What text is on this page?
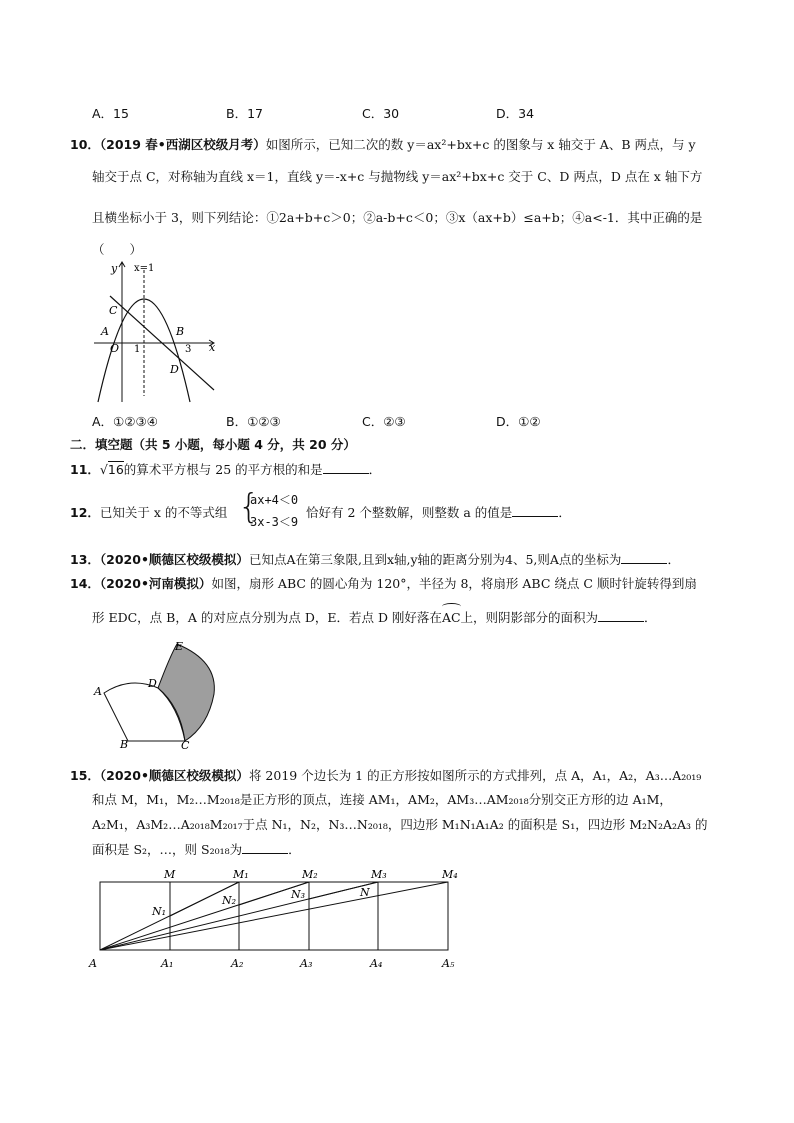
A．15	B．17	C．30	D．34
10．（2019 春•西湖区校级月考）如图所示，已知二次的数 y＝ax²+bx+c 的图象与 x 轴交于 A、B 两点，与 y
轴交于点 C，对称轴为直线 x＝1，直线 y＝-x+c 与抛物线 y＝ax²+bx+c 交于 C、D 两点，D 点在 x 轴下方
且横坐标小于 3，则下列结论：①2a+b+c＞0；②a-b+c＜0；③x（ax+b）≤a+b；④a<-1．其中正确的是
（　　）
y x=1
x
C
A
O 1
B
3
D
A．①②③④	B．①②③	C．②③	D．①②
二．填空题（共 5 小题，每小题 4 分，共 20 分）
11．√16的算术平方根与 25 的平方根的和是	．
12．已知关于 x 的不等式组 {
ax+4＜0
3x-3＜9
恰好有 2 个整数解，则整数 a 的值是	．
13．（2020•顺德区校级模拟）已知点A在第三象限,且到x轴,y轴的距离分别为4、5,则A点的坐标为	．
14．（2020•河南模拟）如图，扇形 ABC 的圆心角为 120°，半径为 8，将扇形 ABC 绕点 C 顺时针旋转得到扇
形 EDC，点 B，A 的对应点分别为点 D，E．若点 D 刚好落在
AC上，则阴影部分的面积为	．
E
A
D
B	C
15．（2020•顺德区校级模拟）将 2019 个边长为 1 的正方形按如图所示的方式排列，点 A，A₁，A₂，A₃…A₂₀₁₉
和点 M，M₁，M₂…M₂₀₁₈是正方形的顶点，连接 AM₁，AM₂，AM₃…AM₂₀₁₈分别交正方形的边 A₁M，
A₂M₁，A₃M₂…A₂₀₁₈M₂₀₁₇于点 N₁，N₂，N₃…N₂₀₁₈，四边形 M₁N₁A₁A₂ 的面积是 S₁，四边形 M₂N₂A₂A₃ 的
面积是 S₂，…，则 S₂₀₁₈为	．
M	M₁	M₂	M₃	M₄
N₁
N₂	N₃	N
A	A₁	A₂	A₃	A₄	A₅
